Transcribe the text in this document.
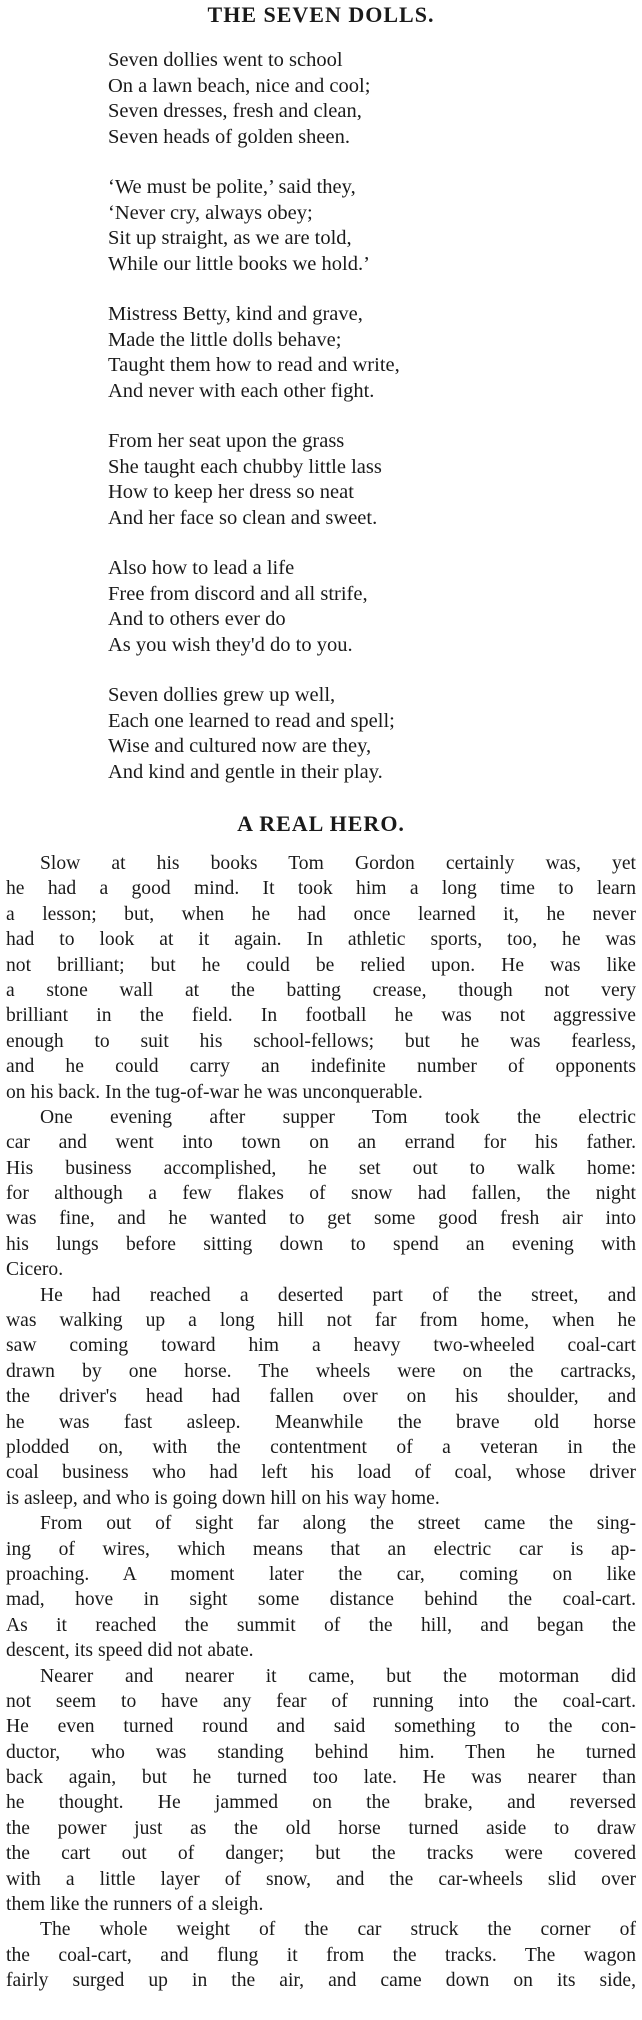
THE SEVEN DOLLS.
Seven dollies went to school
On a lawn beach, nice and cool;
Seven dresses, fresh and clean,
Seven heads of golden sheen.
‘We must be polite,’ said they,
‘Never cry, always obey;
Sit up straight, as we are told,
While our little books we hold.’
Mistress Betty, kind and grave,
Made the little dolls behave;
Taught them how to read and write,
And never with each other fight.
From her seat upon the grass
She taught each chubby little lass
How to keep her dress so neat
And her face so clean and sweet.
Also how to lead a life
Free from discord and all strife,
And to others ever do
As you wish they'd do to you.
Seven dollies grew up well,
Each one learned to read and spell;
Wise and cultured now are they,
And kind and gentle in their play.
A REAL HERO.
Slow at his books Tom Gordon certainly was, yet
he had a good mind. It took him a long time to learn
a lesson; but, when he had once learned it, he never
had to look at it again. In athletic sports, too, he was
not brilliant; but he could be relied upon. He was like
a stone wall at the batting crease, though not very
brilliant in the field. In football he was not aggressive
enough to suit his school-fellows; but he was fearless,
and he could carry an indefinite number of opponents
on his back. In the tug-of-war he was unconquerable.
One evening after supper Tom took the electric
car and went into town on an errand for his father.
His business accomplished, he set out to walk home:
for although a few flakes of snow had fallen, the night
was fine, and he wanted to get some good fresh air into
his lungs before sitting down to spend an evening with
Cicero.
He had reached a deserted part of the street, and
was walking up a long hill not far from home, when he
saw coming toward him a heavy two-wheeled coal-cart
drawn by one horse. The wheels were on the cartracks,
the driver's head had fallen over on his shoulder, and
he was fast asleep. Meanwhile the brave old horse
plodded on, with the contentment of a veteran in the
coal business who had left his load of coal, whose driver
is asleep, and who is going down hill on his way home.
From out of sight far along the street came the sing-
ing of wires, which means that an electric car is ap-
proaching. A moment later the car, coming on like
mad, hove in sight some distance behind the coal-cart.
As it reached the summit of the hill, and began the
descent, its speed did not abate.
Nearer and nearer it came, but the motorman did
not seem to have any fear of running into the coal-cart.
He even turned round and said something to the con-
ductor, who was standing behind him. Then he turned
back again, but he turned too late. He was nearer than
he thought. He jammed on the brake, and reversed
the power just as the old horse turned aside to draw
the cart out of danger; but the tracks were covered
with a little layer of snow, and the car-wheels slid over
them like the runners of a sleigh.
The whole weight of the car struck the corner of
the coal-cart, and flung it from the tracks. The wagon
fairly surged up in the air, and came down on its side,
